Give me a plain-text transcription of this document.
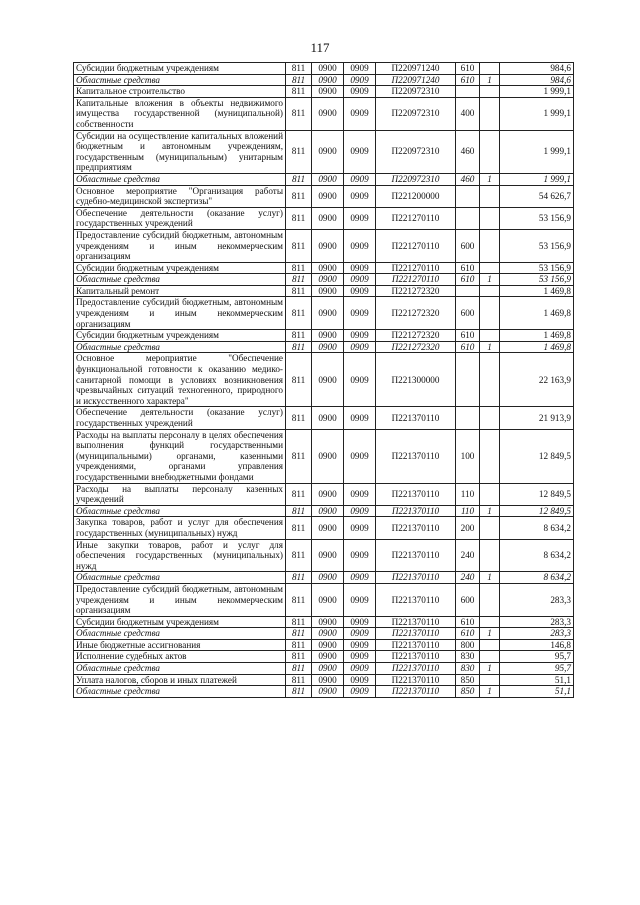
117
Субсидии бюджетным учреждениям	811	0900	0909	П220971240	610		984,6
Областные средства	811	0900	0909	П220971240	610	1	984,6
Капитальное строительство	811	0900	0909	П220972310			1 999,1
Капитальные вложения в объекты недвижимого имущества государственной (муниципальной) собственности	811	0900	0909	П220972310	400		1 999,1
Субсидии на осуществление капитальных вложений бюджетным и автономным учреждениям, государственным (муниципальным) унитарным предприятиям	811	0900	0909	П220972310	460		1 999,1
Областные средства	811	0900	0909	П220972310	460	1	1 999,1
Основное мероприятие "Организация работы судебно-медицинской экспертизы"	811	0900	0909	П221200000			54 626,7
Обеспечение деятельности (оказание услуг) государственных учреждений	811	0900	0909	П221270110			53 156,9
Предоставление субсидий бюджетным, автономным учреждениям и иным некоммерческим организациям	811	0900	0909	П221270110	600		53 156,9
Субсидии бюджетным учреждениям	811	0900	0909	П221270110	610		53 156,9
Областные средства	811	0900	0909	П221270110	610	1	53 156,9
Капитальный ремонт	811	0900	0909	П221272320			1 469,8
Предоставление субсидий бюджетным, автономным учреждениям и иным некоммерческим организациям	811	0900	0909	П221272320	600		1 469,8
Субсидии бюджетным учреждениям	811	0900	0909	П221272320	610		1 469,8
Областные средства	811	0900	0909	П221272320	610	1	1 469,8
Основное мероприятие "Обеспечение функциональной готовности к оказанию медико-санитарной помощи в условиях возникновения чрезвычайных ситуаций техногенного, природного и искусственного характера"	811	0900	0909	П221300000			22 163,9
Обеспечение деятельности (оказание услуг) государственных учреждений	811	0900	0909	П221370110			21 913,9
Расходы на выплаты персоналу в целях обеспечения выполнения функций государственными (муниципальными) органами, казенными учреждениями, органами управления государственными внебюджетными фондами	811	0900	0909	П221370110	100		12 849,5
Расходы на выплаты персоналу казенных учреждений	811	0900	0909	П221370110	110		12 849,5
Областные средства	811	0900	0909	П221370110	110	1	12 849,5
Закупка товаров, работ и услуг для обеспечения государственных (муниципальных) нужд	811	0900	0909	П221370110	200		8 634,2
Иные закупки товаров, работ и услуг для обеспечения государственных (муниципальных) нужд	811	0900	0909	П221370110	240		8 634,2
Областные средства	811	0900	0909	П221370110	240	1	8 634,2
Предоставление субсидий бюджетным, автономным учреждениям и иным некоммерческим организациям	811	0900	0909	П221370110	600		283,3
Субсидии бюджетным учреждениям	811	0900	0909	П221370110	610		283,3
Областные средства	811	0900	0909	П221370110	610	1	283,3
Иные бюджетные ассигнования	811	0900	0909	П221370110	800		146,8
Исполнение судебных актов	811	0900	0909	П221370110	830		95,7
Областные средства	811	0900	0909	П221370110	830	1	95,7
Уплата налогов, сборов и иных платежей	811	0900	0909	П221370110	850		51,1
Областные средства	811	0900	0909	П221370110	850	1	51,1
